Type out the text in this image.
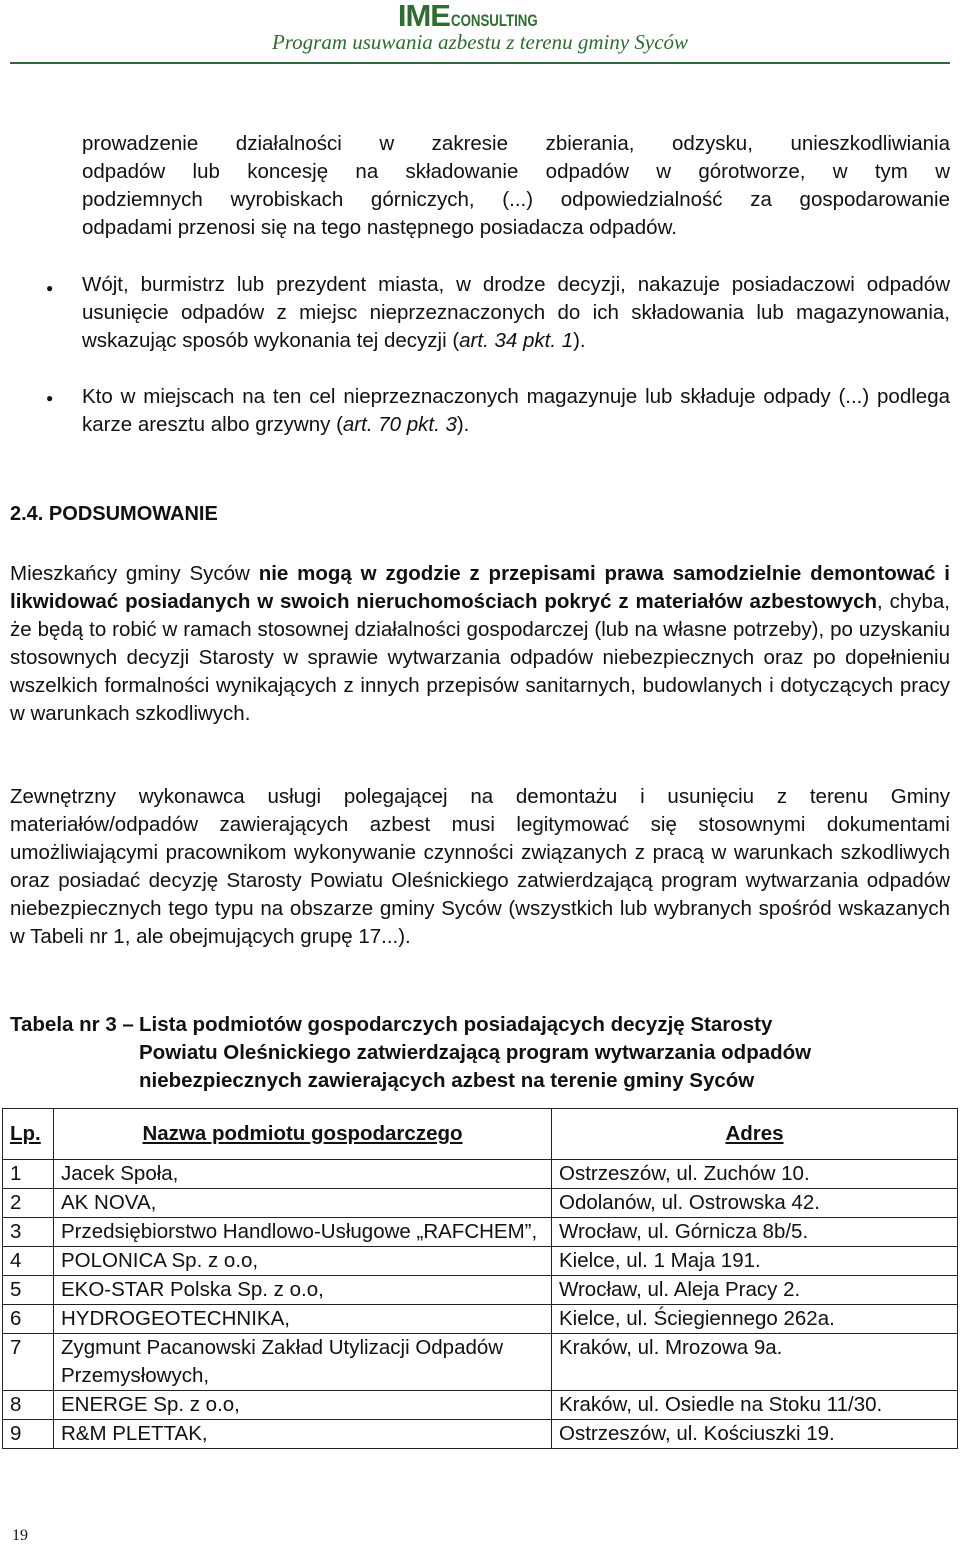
IMECONSULTING
Program usuwania azbestu z terenu gminy Syców
prowadzenie działalności w zakresie zbierania, odzysku, unieszkodliwiania
odpadów lub koncesję na składowanie odpadów w górotworze, w tym w
podziemnych wyrobiskach górniczych, (...) odpowiedzialność za gospodarowanie
odpadami przenosi się na tego następnego posiadacza odpadów.
● Wójt, burmistrz lub prezydent miasta, w drodze decyzji, nakazuje posiadaczowi odpadów usunięcie odpadów z miejsc nieprzeznaczonych do ich składowania lub magazynowania, wskazując sposób wykonania tej decyzji (art. 34 pkt. 1).
● Kto w miejscach na ten cel nieprzeznaczonych magazynuje lub składuje odpady (...) podlega karze aresztu albo grzywny (art. 70 pkt. 3).
2.4. PODSUMOWANIE
Mieszkańcy gminy Syców nie mogą w zgodzie z przepisami prawa samodzielnie demontować i likwidować posiadanych w swoich nieruchomościach pokryć z materiałów azbestowych, chyba, że będą to robić w ramach stosownej działalności gospodarczej (lub na własne potrzeby), po uzyskaniu stosownych decyzji Starosty w sprawie wytwarzania odpadów niebezpiecznych oraz po dopełnieniu wszelkich formalności wynikających z innych przepisów sanitarnych, budowlanych i dotyczących pracy w warunkach szkodliwych.
Zewnętrzny wykonawca usługi polegającej na demontażu i usunięciu z terenu Gminy materiałów/odpadów zawierających azbest musi legitymować się stosownymi dokumentami umożliwiającymi pracownikom wykonywanie czynności związanych z pracą w warunkach szkodliwych oraz posiadać decyzję Starosty Powiatu Oleśnickiego zatwierdzającą program wytwarzania odpadów niebezpiecznych tego typu na obszarze gminy Syców (wszystkich lub wybranych spośród wskazanych w Tabeli nr 1, ale obejmujących grupę 17...).
Tabela nr 3 – Lista podmiotów gospodarczych posiadających decyzję Starosty
Powiatu Oleśnickiego zatwierdzającą program wytwarzania odpadów
niebezpiecznych zawierających azbest na terenie gminy Syców
Lp.	Nazwa podmiotu gospodarczego	Adres
1	Jacek Społa,	Ostrzeszów, ul. Zuchów 10.
2	AK NOVA,	Odolanów, ul. Ostrowska 42.
3	Przedsiębiorstwo Handlowo-Usługowe „RAFCHEM”,	Wrocław, ul. Górnicza 8b/5.
4	POLONICA Sp. z o.o,	Kielce, ul. 1 Maja 191.
5	EKO-STAR Polska Sp. z o.o,	Wrocław, ul. Aleja Pracy 2.
6	HYDROGEOTECHNIKA,	Kielce, ul. Ściegiennego 262a.
7	Zygmunt Pacanowski Zakład Utylizacji Odpadów Przemysłowych,	Kraków, ul. Mrozowa 9a.
8	ENERGE Sp. z o.o,	Kraków, ul. Osiedle na Stoku 11/30.
9	R&M PLETTAK,	Ostrzeszów, ul. Kościuszki 19.
19
